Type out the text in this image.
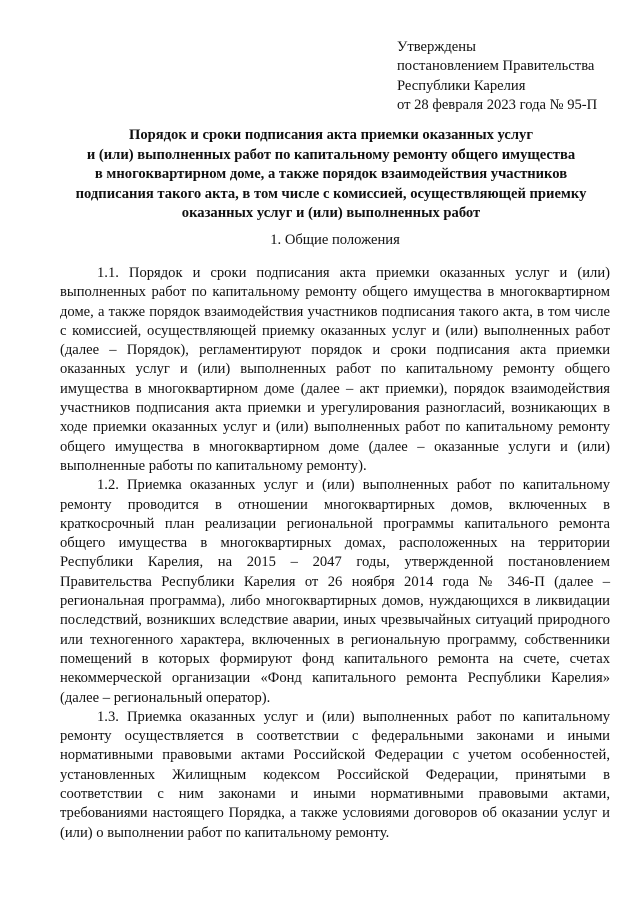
Утверждены
постановлением Правительства
Республики Карелия
от 28 февраля 2023 года № 95-П
Порядок и сроки подписания акта приемки оказанных услуг
и (или) выполненных работ по капитальному ремонту общего имущества
в многоквартирном доме, а также порядок взаимодействия участников
подписания такого акта, в том числе с комиссией, осуществляющей приемку
оказанных услуг и (или) выполненных работ
1. Общие положения

1.1. Порядок и сроки подписания акта приемки оказанных услуг и (или) выполненных работ по капитальному ремонту общего имущества в многоквартирном доме, а также порядок взаимодействия участников подписания такого акта, в том числе с комиссией, осуществляющей приемку оказанных услуг и (или) выполненных работ (далее – Порядок), регламентируют порядок и сроки подписания акта приемки оказанных услуг и (или) выполненных работ по капитальному ремонту общего имущества в многоквартирном доме (далее – акт приемки), порядок взаимодействия участников подписания акта приемки и урегулирования разногласий, возникающих в ходе приемки оказанных услуг и (или) выполненных работ по капитальному ремонту общего имущества в многоквартирном доме (далее – оказанные услуги и (или) выполненные работы по капитальному ремонту).

1.2. Приемка оказанных услуг и (или) выполненных работ по капитальному ремонту проводится в отношении многоквартирных домов, включенных в краткосрочный план реализации региональной программы капитального ремонта общего имущества в многоквартирных домах, расположенных на территории Республики Карелия, на 2015 – 2047 годы, утвержденной постановлением Правительства Республики Карелия от 26 ноября 2014 года № 346-П (далее – региональная программа), либо многоквартирных домов, нуждающихся в ликвидации последствий, возникших вследствие аварии, иных чрезвычайных ситуаций природного или техногенного характера, включенных в региональную программу, собственники помещений в которых формируют фонд капитального ремонта на счете, счетах некоммерческой организации «Фонд капитального ремонта Республики Карелия» (далее – региональный оператор).

1.3. Приемка оказанных услуг и (или) выполненных работ по капитальному ремонту осуществляется в соответствии с федеральными законами и иными нормативными правовыми актами Российской Федерации с учетом особенностей, установленных Жилищным кодексом Российской Федерации, принятыми в соответствии с ним законами и иными нормативными правовыми актами, требованиями настоящего Порядка, а также условиями договоров об оказании услуг и (или) о выполнении работ по капитальному ремонту.
